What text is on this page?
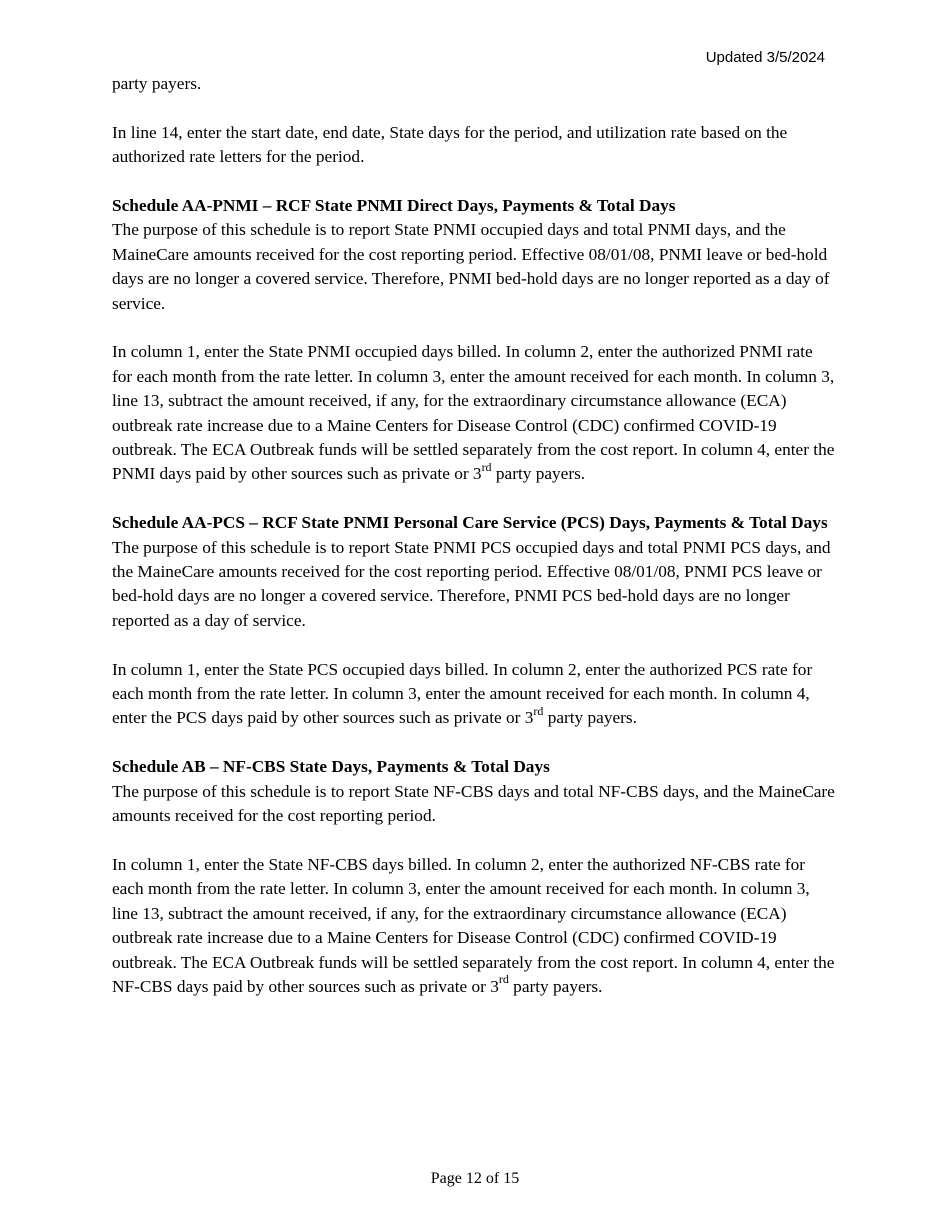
Updated 3/5/2024

party payers.

In line 14, enter the start date, end date, State days for the period, and utilization rate based on the authorized rate letters for the period.

Schedule AA-PNMI – RCF State PNMI Direct Days, Payments & Total Days

The purpose of this schedule is to report State PNMI occupied days and total PNMI days, and the MaineCare amounts received for the cost reporting period. Effective 08/01/08, PNMI leave or bed-hold days are no longer a covered service. Therefore, PNMI bed-hold days are no longer reported as a day of service.

In column 1, enter the State PNMI occupied days billed. In column 2, enter the authorized PNMI rate for each month from the rate letter. In column 3, enter the amount received for each month. In column 3, line 13, subtract the amount received, if any, for the extraordinary circumstance allowance (ECA) outbreak rate increase due to a Maine Centers for Disease Control (CDC) confirmed COVID-19 outbreak. The ECA Outbreak funds will be settled separately from the cost report. In column 4, enter the PNMI days paid by other sources such as private or 3rd party payers.

Schedule AA-PCS – RCF State PNMI Personal Care Service (PCS) Days, Payments & Total Days

The purpose of this schedule is to report State PNMI PCS occupied days and total PNMI PCS days, and the MaineCare amounts received for the cost reporting period. Effective 08/01/08, PNMI PCS leave or bed-hold days are no longer a covered service. Therefore, PNMI PCS bed-hold days are no longer reported as a day of service.

In column 1, enter the State PCS occupied days billed. In column 2, enter the authorized PCS rate for each month from the rate letter. In column 3, enter the amount received for each month. In column 4, enter the PCS days paid by other sources such as private or 3rd party payers.

Schedule AB – NF-CBS State Days, Payments & Total Days

The purpose of this schedule is to report State NF-CBS days and total NF-CBS days, and the MaineCare amounts received for the cost reporting period.

In column 1, enter the State NF-CBS days billed. In column 2, enter the authorized NF-CBS rate for each month from the rate letter. In column 3, enter the amount received for each month. In column 3, line 13, subtract the amount received, if any, for the extraordinary circumstance allowance (ECA) outbreak rate increase due to a Maine Centers for Disease Control (CDC) confirmed COVID-19 outbreak. The ECA Outbreak funds will be settled separately from the cost report. In column 4, enter the NF-CBS days paid by other sources such as private or 3rd party payers.

Page 12 of 15
